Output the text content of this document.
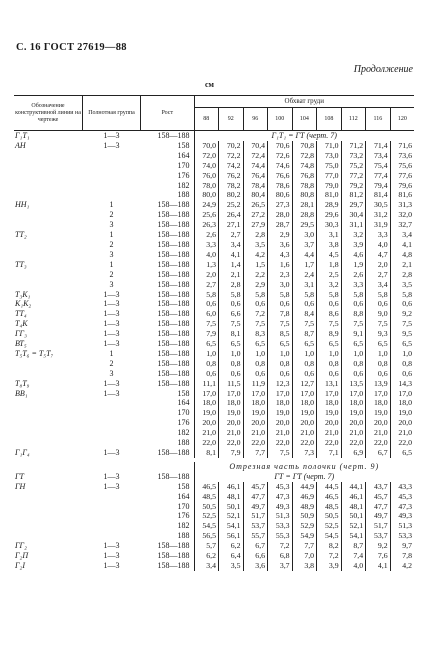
С. 16 ГОСТ 27619—88
Продолжение
см
Обозначение конструктивной линии на чертеже	Полнотная группа	Рост	Обхват груди								
			88	92	96	100	104	108	112	116	120
Г₁Т₁	1—3	158—188	Г₁Т₁ = ГТ (черт. 7)								
АН	1—3	158	70,0	70,2	70,4	70,6	70,8	71,0	71,2	71,4	71,6
		164	72,0	72,2	72,4	72,6	72,8	73,0	73,2	73,4	73,6
		170	74,0	74,2	74,4	74,6	74,8	75,0	75,2	75,4	75,6
		176	76,0	76,2	76,4	76,6	76,8	77,0	77,2	77,4	77,6
		182	78,0	78,2	78,4	78,6	78,8	79,0	79,2	79,4	79,6
		188	80,0	80,2	80,4	80,6	80,8	81,0	81,2	81,4	81,6
НН₁	1	158—188	24,9	25,2	26,5	27,3	28,1	28,9	29,7	30,5	31,3
	2	158—188	25,6	26,4	27,2	28,0	28,8	29,6	30,4	31,2	32,0
	3	158—188	26,3	27,1	27,9	28,7	29,5	30,3	31,1	31,9	32,7
ТТ₂	1	158—188	2,6	2,7	2,8	2,9	3,0	3,1	3,2	3,3	3,4
	2	158—188	3,3	3,4	3,5	3,6	3,7	3,8	3,9	4,0	4,1
	3	158—188	4,0	4,1	4,2	4,3	4,4	4,5	4,6	4,7	4,8
ТТ₃	1	158—188	1,3	1,4	1,5	1,6	1,7	1,8	1,9	2,0	2,1
	2	158—188	2,0	2,1	2,2	2,3	2,4	2,5	2,6	2,7	2,8
	3	158—188	2,7	2,8	2,9	3,0	3,1	3,2	3,3	3,4	3,5
Т₃К₁	1—3	158—188	5,8	5,8	5,8	5,8	5,8	5,8	5,8	5,8	5,8
К₁К₂	1—3	158—188	0,6	0,6	0,6	0,6	0,6	0,6	0,6	0,6	0,6
ТТ₄	1—3	158—188	6,0	6,6	7,2	7,8	8,4	8,6	8,8	9,0	9,2
Т₄К	1—3	158—188	7,5	7,5	7,5	7,5	7,5	7,5	7,5	7,5	7,5
ГГ₃	1—3	158—188	7,9	8,1	8,3	8,5	8,7	8,9	9,1	9,3	9,5
ВТ₅	1—3	158—188	6,5	6,5	6,5	6,5	6,5	6,5	6,5	6,5	6,5
Т₅Т₆ = Т₅Т₇	1	158—188	1,0	1,0	1,0	1,0	1,0	1,0	1,0	1,0	1,0
	2	158—188	0,8	0,8	0,8	0,8	0,8	0,8	0,8	0,8	0,8
	3	158—188	0,6	0,6	0,6	0,6	0,6	0,6	0,6	0,6	0,6
Т₈Т₉	1—3	158—188	11,1	11,5	11,9	12,3	12,7	13,1	13,5	13,9	14,3
ВВ₁	1—3	158	17,0	17,0	17,0	17,0	17,0	17,0	17,0	17,0	17,0
		164	18,0	18,0	18,0	18,0	18,0	18,0	18,0	18,0	18,0
		170	19,0	19,0	19,0	19,0	19,0	19,0	19,0	19,0	19,0
		176	20,0	20,0	20,0	20,0	20,0	20,0	20,0	20,0	20,0
		182	21,0	21,0	21,0	21,0	21,0	21,0	21,0	21,0	21,0
		188	22,0	22,0	22,0	22,0	22,0	22,0	22,0	22,0	22,0
Г₁Г₄	1—3	158—188	8,1	7,9	7,7	7,5	7,3	7,1	6,9	6,7	6,5

			Отрезная часть полочки (черт. 9)								
ГТ	1—3	158—188	ГТ = ГТ (черт. 7)								
ГН	1—3	158	46,5	46,1	45,7	45,3	44,9	44,5	44,1	43,7	43,3
		164	48,5	48,1	47,7	47,3	46,9	46,5	46,1	45,7	45,3
		170	50,5	50,1	49,7	49,3	48,9	48,5	48,1	47,7	47,3
		176	52,5	52,1	51,7	51,3	50,9	50,5	50,1	49,7	49,3
		182	54,5	54,1	53,7	53,3	52,9	52,5	52,1	51,7	51,3
		188	56,5	56,1	55,7	55,3	54,9	54,5	54,1	53,7	53,3
ГГ₂	1—3	158—188	5,7	6,2	6,7	7,2	7,7	8,2	8,7	9,2	9,7
Г₂П	1—3	158—188	6,2	6,4	6,6	6,8	7,0	7,2	7,4	7,6	7,8
Г₂I	1—3	158—188	3,4	3,5	3,6	3,7	3,8	3,9	4,0	4,1	4,2
